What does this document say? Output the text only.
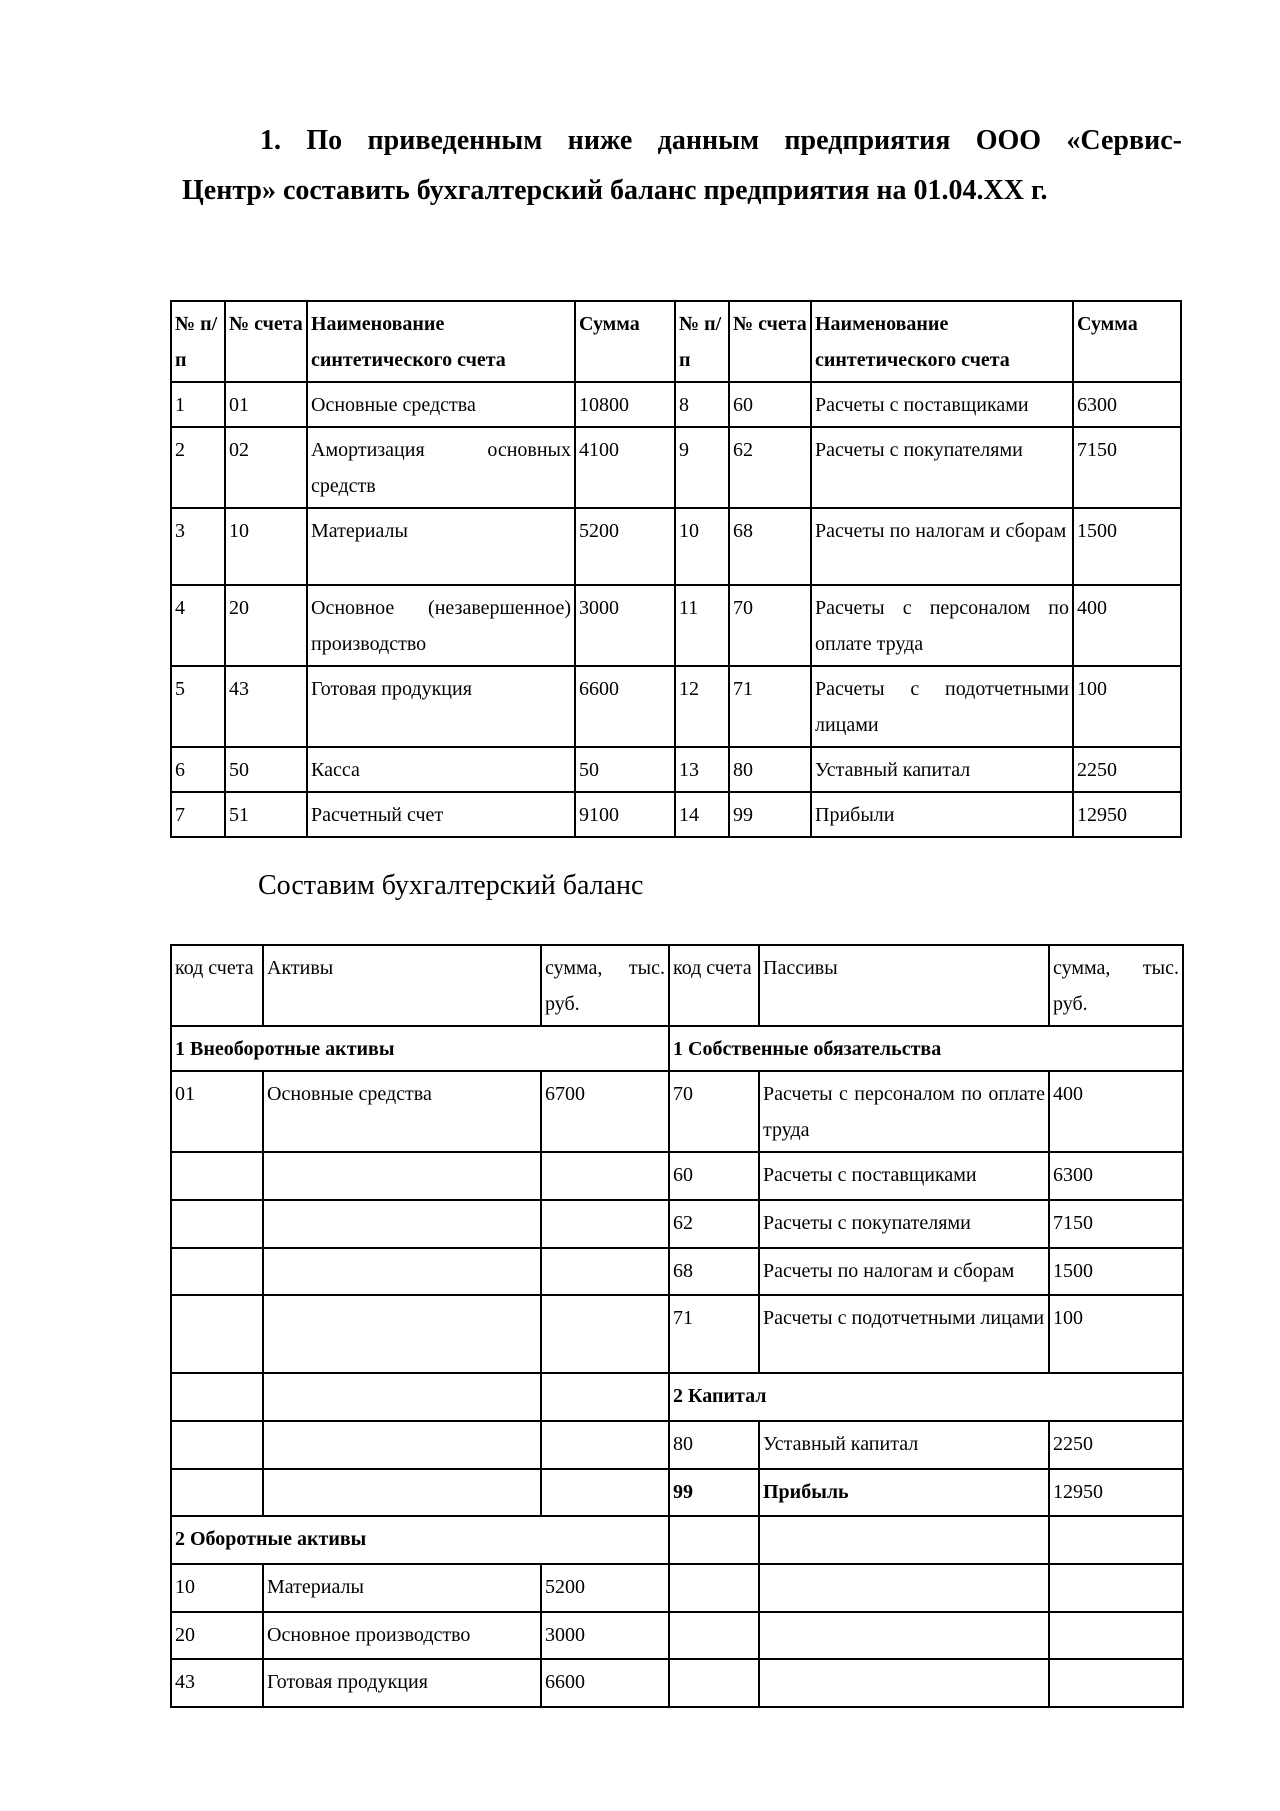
1. По приведенным ниже данным предприятия ООО «Сервис-
Центр» составить бухгалтерский баланс предприятия на 01.04.XX г.
№ п/п	№ счета	Наименование синтетического счета	Сумма	№ п/п	№ счета	Наименование синтетического счета	Сумма
1	01	Основные средства	10800	8	60	Расчеты с поставщиками	6300
2	02	Амортизация основных средств	4100	9	62	Расчеты с покупателями	7150
3	10	Материалы	5200	10	68	Расчеты по налогам и сборам	1500
4	20	Основное (незавершенное) производство	3000	11	70	Расчеты с персоналом по оплате труда	400
5	43	Готовая продукция	6600	12	71	Расчеты с подотчетными лицами	100
6	50	Касса	50	13	80	Уставный капитал	2250
7	51	Расчетный счет	9100	14	99	Прибыли	12950
Составим бухгалтерский баланс
код счета	Активы	сумма, тыс. руб.	код счета	Пассивы	сумма, тыс. руб.
1 Внеоборотные активы			1 Собственные обязательства		
01	Основные средства	6700	70	Расчеты с персоналом по оплате труда	400
			60	Расчеты с поставщиками	6300
			62	Расчеты с покупателями	7150
			68	Расчеты по налогам и сборам	1500
			71	Расчеты с подотчетными лицами	100
			2 Капитал		
			80	Уставный капитал	2250
			99	Прибыль	12950
2 Оборотные активы					
10	Материалы	5200			
20	Основное производство	3000			
43	Готовая продукция	6600			
